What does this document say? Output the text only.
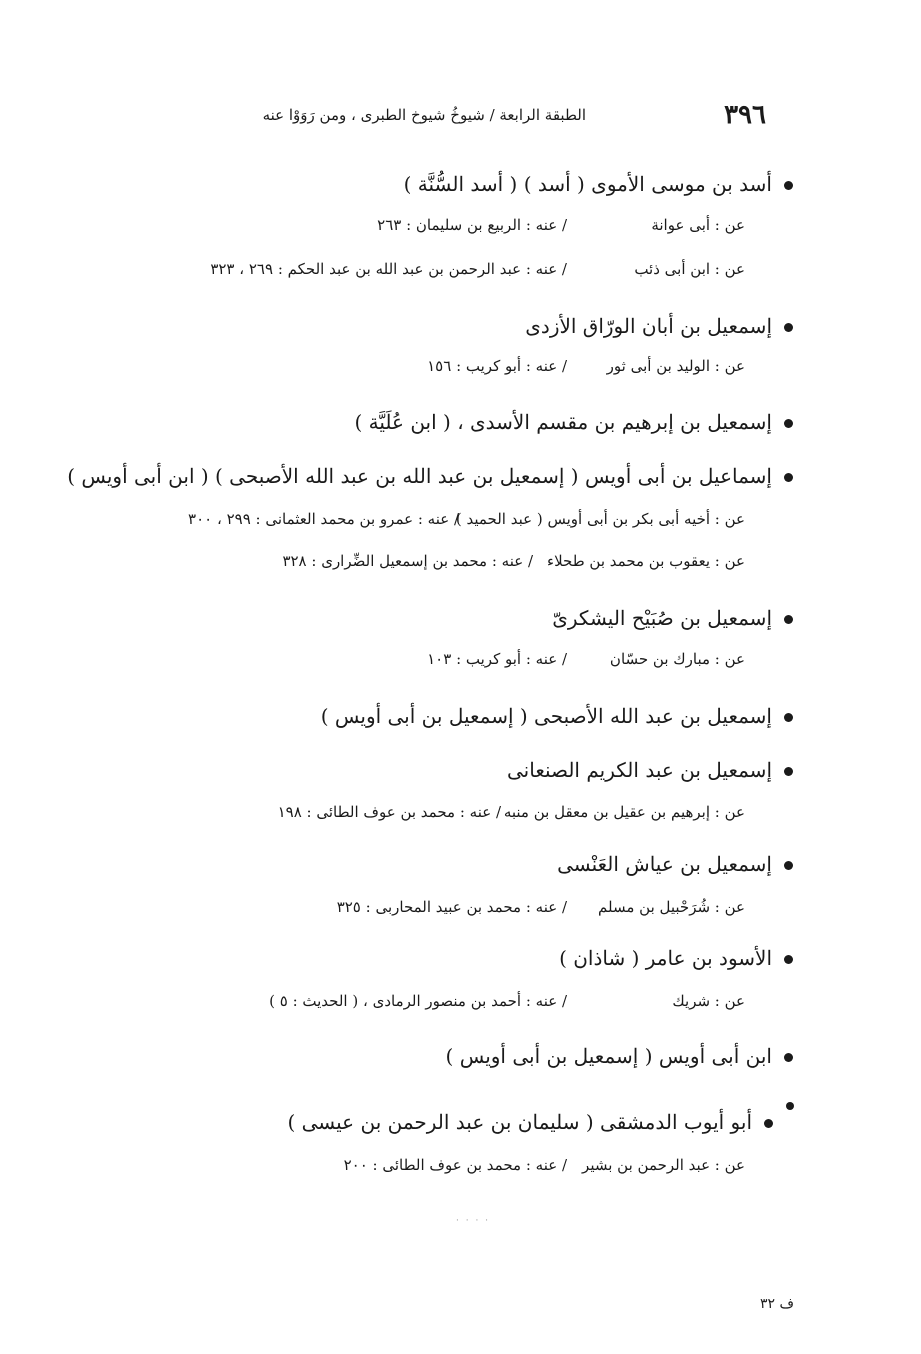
٣٩٦
الطبقة الرابعة / شيوخُ شيوخ الطبرى ، ومن رَوَوْا عنه
أسد بن موسى الأموى ( أسد ) ( أسد السُّنَّة )
عن : أبى عوانة
/ عنه : الربيع بن سليمان : ٢٦٣
عن : ابن أبى ذئب
/ عنه : عبد الرحمن بن عبد الله بن عبد الحكم : ٢٦٩ ، ٣٢٣
إسمعيل بن أبان الورّاق الأزدى
عن : الوليد بن أبى ثور
/ عنه : أبو كريب : ١٥٦
إسمعيل بن إبرهيم بن مقسم الأسدى ، ( ابن عُلَيَّة )
إسماعيل بن أبى أويس ( إسمعيل بن عبد الله بن عبد الله الأصبحى ) ( ابن أبى أويس )
عن : أخيه أبى بكر بن أبى أويس ( عبد الحميد )
/ عنه : عمرو بن محمد العثمانى : ٢٩٩ ، ٣٠٠
عن : يعقوب بن محمد بن طحلاء
/ عنه : محمد بن إسمعيل الضِّرارى : ٣٢٨
إسمعيل بن صُبَيْح اليشكرىّ
عن : مبارك بن حسّان
/ عنه : أبو كريب : ١٠٣
إسمعيل بن عبد الله الأصبحى ( إسمعيل بن أبى أويس )
إسمعيل بن عبد الكريم الصنعانى
عن : إبرهيم بن عقيل بن معقل بن منبه
/ عنه : محمد بن عوف الطائى : ١٩٨
إسمعيل بن عياش العَنْسى
عن : شُرَحْبيل بن مسلم
/ عنه : محمد بن عبيد المحاربى : ٣٢٥
الأسود بن عامر ( شاذان )
عن : شريك
/ عنه : أحمد بن منصور الرمادى ، ( الحديث : ٥ )
ابن أبى أويس ( إسمعيل بن أبى أويس )
أبو أيوب الدمشقى ( سليمان بن عبد الرحمن بن عيسى )
عن : عبد الرحمن بن بشير
/ عنه : محمد بن عوف الطائى : ٢٠٠
· · · ·
ف ٣٢
